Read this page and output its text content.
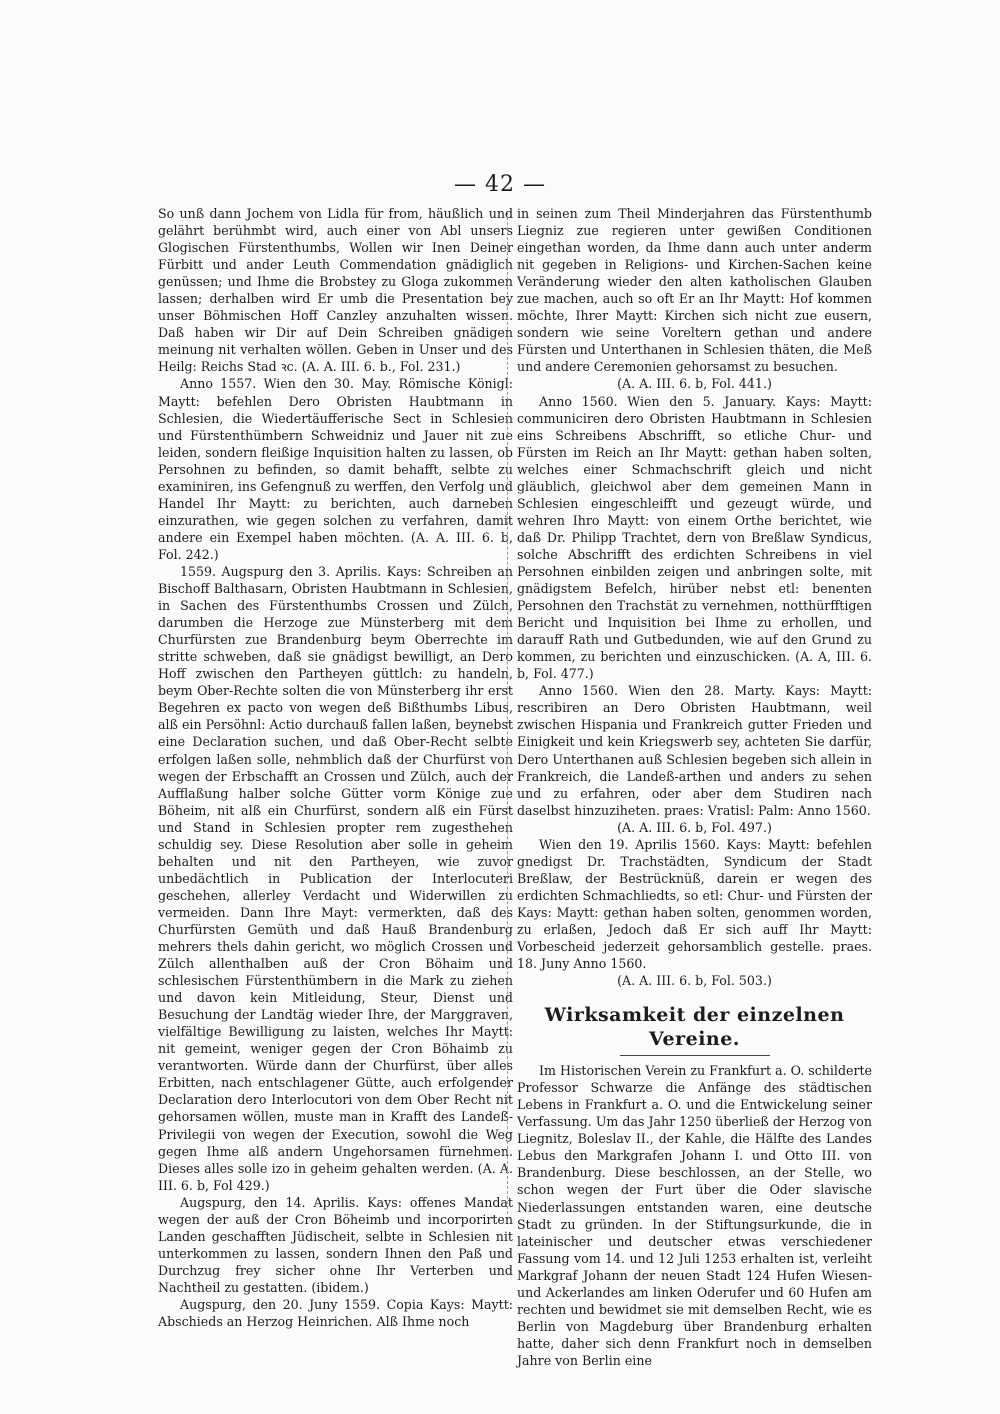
— 42 —

So unß dann Jochem von Lidla für from, häußlich und gelährt berühmbt wird, auch einer von Abl unsers Glogischen Fürstenthumbs, Wollen wir Inen Deiner Fürbitt und ander Leuth Commendation gnädiglich genüssen; und Ihme die Brobstey zu Gloga zukommen lassen; derhalben wird Er umb die Presentation bey unser Böhmischen Hoff Canzley anzuhalten wissen. Daß haben wir Dir auf Dein Schreiben gnädigen meinung nit verhalten wöllen. Geben in Unser und des Heilg: Reichs Stad ꝛc. (A. A. III. 6. b., Fol. 231.)

Anno 1557. Wien den 30. May. Römische Königl: Maytt: befehlen Dero Obristen Haubtmann in Schlesien, die Wiedertäufferische Sect in Schlesien und Fürstenthümbern Schweidniz und Jauer nit zue leiden, sondern fleißige Inquisition halten zu lassen, ob Persohnen zu befinden, so damit behafft, selbte zu examiniren, ins Gefengnuß zu werffen, den Verfolg und Handel Ihr Maytt: zu berichten, auch darneben einzurathen, wie gegen solchen zu verfahren, damit andere ein Exempel haben möchten. (A. A. III. 6. b, Fol. 242.)

1559. Augspurg den 3. Aprilis. Kays: Schreiben an Bischoff Balthasarn, Obristen Haubtmann in Schlesien, in Sachen des Fürstenthumbs Crossen und Zülch, darumben die Herzoge zue Münsterberg mit dem Churfürsten zue Brandenburg beym Oberrechte im stritte schweben, daß sie gnädigst bewilligt, an Dero Hoff zwischen den Partheyen güttlch: zu handeln, beym Ober-Rechte solten die von Münsterberg ihr erst Begehren ex pacto von wegen deß Bißthumbs Libus, alß ein Persöhnl: Actio durchauß fallen laßen, beynebst eine Declaration suchen, und daß Ober-Recht selbte erfolgen laßen solle, nehmblich daß der Churfürst von wegen der Erbschafft an Crossen und Zülch, auch der Aufflaßung halber solche Gütter vorm Könige zue Böheim, nit alß ein Churfürst, sondern alß ein Fürst und Stand in Schlesien propter rem zugesthehen schuldig sey. Diese Resolution aber solle in geheim behalten und nit den Partheyen, wie zuvor unbedächtlich in Publication der Interlocuteri geschehen, allerley Verdacht und Widerwillen zu vermeiden. Dann Ihre Mayt: vermerkten, daß des Churfürsten Gemüth und daß Hauß Brandenburg mehrers thels dahin gericht, wo möglich Crossen und Zülch allenthalben auß der Cron Böhaim und schlesischen Fürstenthümbern in die Mark zu ziehen und davon kein Mitleidung, Steur, Dienst und Besuchung der Landtäg wieder Ihre, der Marggraven, vielfältige Bewilligung zu laisten, welches Ihr Maytt: nit gemeint, weniger gegen der Cron Böhaimb zu verantworten. Würde dann der Churfürst, über alles Erbitten, nach entschlagener Gütte, auch erfolgender Declaration dero Interlocutori von dem Ober Recht nit gehorsamen wöllen, muste man in Krafft des Landeß-Privilegii von wegen der Execution, sowohl die Weg gegen Ihme alß andern Ungehorsamen fürnehmen. Dieses alles solle izo in geheim gehalten werden. (A. A. III. 6. b, Fol 429.)

Augspurg, den 14. Aprilis. Kays: offenes Mandat wegen der auß der Cron Böheimb und incorporirten Landen geschafften Jüdischeit, selbte in Schlesien nit unterkommen zu lassen, sondern Ihnen den Paß und Durchzug frey sicher ohne Ihr Verterben und Nachtheil zu gestatten. (ibidem.)

Augspurg, den 20. Juny 1559. Copia Kays: Maytt: Abschieds an Herzog Heinrichen. Alß Ihme noch

in seinen zum Theil Minderjahren das Fürstenthumb Liegniz zue regieren unter gewißen Conditionen eingethan worden, da Ihme dann auch unter anderm nit gegeben in Religions- und Kirchen-Sachen keine Veränderung wieder den alten katholischen Glauben zue machen, auch so oft Er an Ihr Maytt: Hof kommen möchte, Ihrer Maytt: Kirchen sich nicht zue eusern, sondern wie seine Voreltern gethan und andere Fürsten und Unterthanen in Schlesien thäten, die Meß und andere Ceremonien gehorsamst zu besuchen.

(A. A. III. 6. b, Fol. 441.)

Anno 1560. Wien den 5. January. Kays: Maytt: communiciren dero Obristen Haubtmann in Schlesien eins Schreibens Abschrifft, so etliche Chur- und Fürsten im Reich an Ihr Maytt: gethan haben solten, welches einer Schmachschrift gleich und nicht gläublich, gleichwol aber dem gemeinen Mann in Schlesien eingeschleifft und gezeugt würde, und wehren Ihro Maytt: von einem Orthe berichtet, wie daß Dr. Philipp Trachtet, dern von Breßlaw Syndicus, solche Abschrifft des erdichten Schreibens in viel Persohnen einbilden zeigen und anbringen solte, mit gnädigstem Befelch, hirüber nebst etl: benenten Persohnen den Trachstät zu vernehmen, notthürfftigen Bericht und Inquisition bei Ihme zu erhollen, und darauff Rath und Gutbedunden, wie auf den Grund zu kommen, zu berichten und einzuschicken. (A. A, III. 6. b, Fol. 477.)

Anno 1560. Wien den 28. Marty. Kays: Maytt: rescribiren an Dero Obristen Haubtmann, weil zwischen Hispania und Frankreich gutter Frieden und Einigkeit und kein Kriegswerb sey, achteten Sie darfür, Dero Unterthanen auß Schlesien begeben sich allein in Frankreich, die Landeß-arthen und anders zu sehen und zu erfahren, oder aber dem Studiren nach daselbst hinzuziheten. praes: Vratisl: Palm: Anno 1560.

(A. A. III. 6. b, Fol. 497.)

Wien den 19. Aprilis 1560. Kays: Maytt: befehlen gnedigst Dr. Trachstädten, Syndicum der Stadt Breßlaw, der Bestrücknüß, darein er wegen des erdichten Schmachliedts, so etl: Chur- und Fürsten der Kays: Maytt: gethan haben solten, genommen worden, zu erlaßen, Jedoch daß Er sich auff Ihr Maytt: Vorbescheid jederzeit gehorsamblich gestelle. praes. 18. Juny Anno 1560.

(A. A. III. 6. b, Fol. 503.)

Wirksamkeit der einzelnen Vereine.

Im Historischen Verein zu Frankfurt a. O. schilderte Professor Schwarze die Anfänge des städtischen Lebens in Frankfurt a. O. und die Entwickelung seiner Verfassung. Um das Jahr 1250 überließ der Herzog von Liegnitz, Boleslav II., der Kahle, die Hälfte des Landes Lebus den Markgrafen Johann I. und Otto III. von Brandenburg. Diese beschlossen, an der Stelle, wo schon wegen der Furt über die Oder slavische Niederlassungen entstanden waren, eine deutsche Stadt zu gründen. In der Stiftungsurkunde, die in lateinischer und deutscher etwas verschiedener Fassung vom 14. und 12 Juli 1253 erhalten ist, verleiht Markgraf Johann der neuen Stadt 124 Hufen Wiesen- und Ackerlandes am linken Oderufer und 60 Hufen am rechten und bewidmet sie mit demselben Recht, wie es Berlin von Magdeburg über Brandenburg erhalten hatte, daher sich denn Frankfurt noch in demselben Jahre von Berlin eine
